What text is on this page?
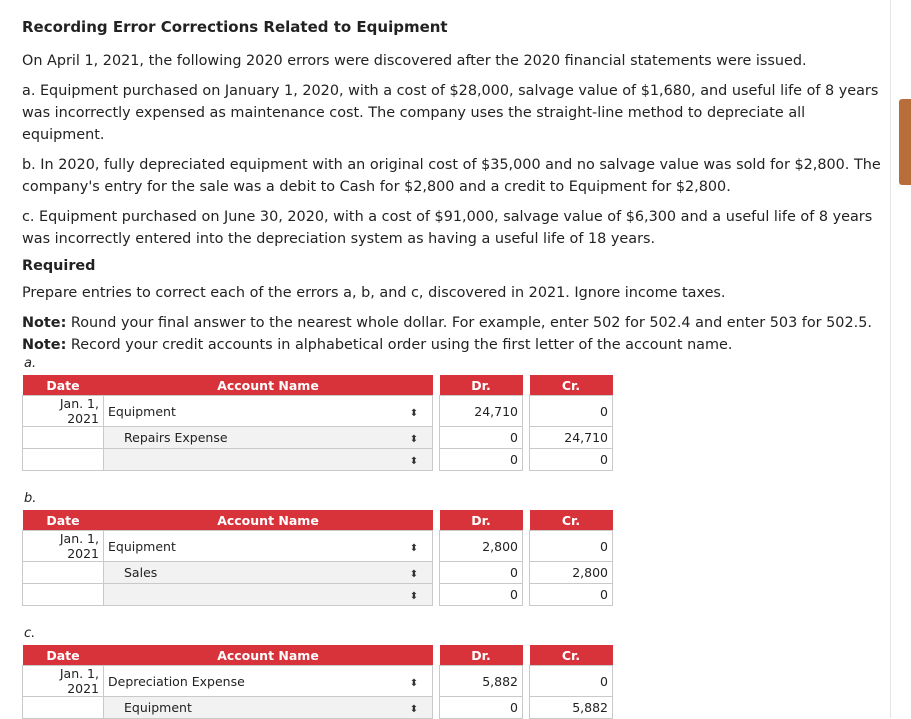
Recording Error Corrections Related to Equipment

On April 1, 2021, the following 2020 errors were discovered after the 2020 financial statements were issued.

a. Equipment purchased on January 1, 2020, with a cost of $28,000, salvage value of $1,680, and useful life of 8 years was incorrectly expensed as maintenance cost. The company uses the straight-line method to depreciate all equipment.

b. In 2020, fully depreciated equipment with an original cost of $35,000 and no salvage value was sold for $2,800. The company's entry for the sale was a debit to Cash for $2,800 and a credit to Equipment for $2,800.

c. Equipment purchased on June 30, 2020, with a cost of $91,000, salvage value of $6,300 and a useful life of 8 years was incorrectly entered into the depreciation system as having a useful life of 18 years.

Required

Prepare entries to correct each of the errors a, b, and c, discovered in 2021. Ignore income taxes.

Note: Round your final answer to the nearest whole dollar. For example, enter 502 for 502.4 and enter 503 for 502.5.

Note: Record your credit accounts in alphabetical order using the first letter of the account name.

a.
Date	Account Name			Dr.		Cr.
Jan. 1, 2021	Equipment	⬍		24,710		0
	Repairs Expense	⬍		0		24,710
		⬍		0		0
b.
Date	Account Name			Dr.		Cr.
Jan. 1, 2021	Equipment	⬍		2,800		0
	Sales	⬍		0		2,800
		⬍		0		0
c.
Date	Account Name			Dr.		Cr.
Jan. 1, 2021	Depreciation Expense	⬍		5,882		0
	Equipment	⬍		0		5,882
